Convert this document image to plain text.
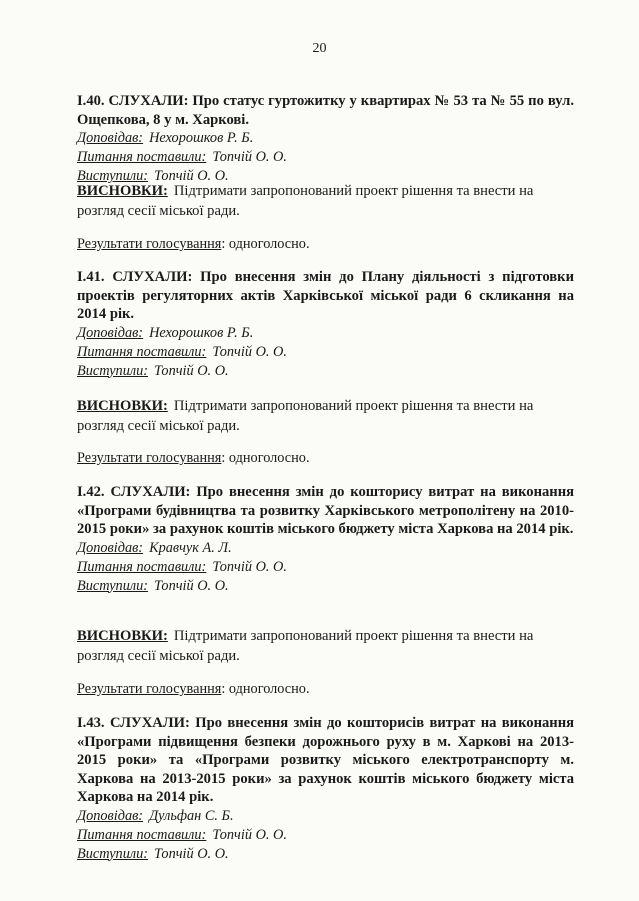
20

І.40. СЛУХАЛИ: Про статус гуртожитку у квартирах № 53 та № 55 по вул. Ощепкова, 8 у м. Харкові.

Доповідав: Нехорошков Р. Б.

Питання поставили: Топчій О. О.

Виступили: Топчій О. О.

ВИСНОВКИ: Підтримати запропонований проект рішення та внести на

розгляд сесії міської ради.

Результати голосування: одноголосно.

І.41. СЛУХАЛИ: Про внесення змін до Плану діяльності з підготовки проектів регуляторних актів Харківської міської ради 6 скликання на 2014 рік.

Доповідав: Нехорошков Р. Б.

Питання поставили: Топчій О. О.

Виступили: Топчій О. О.

ВИСНОВКИ: Підтримати запропонований проект рішення та внести на

розгляд сесії міської ради.

Результати голосування: одноголосно.

І.42. СЛУХАЛИ: Про внесення змін до кошторису витрат на виконання «Програми будівництва та розвитку Харківського метрополітену на 2010-2015 роки» за рахунок коштів міського бюджету міста Харкова на 2014 рік.

Доповідав: Кравчук А. Л.

Питання поставили: Топчій О. О.

Виступили: Топчій О. О.

ВИСНОВКИ: Підтримати запропонований проект рішення та внести на

розгляд сесії міської ради.

Результати голосування: одноголосно.

І.43. СЛУХАЛИ: Про внесення змін до кошторисів витрат на виконання «Програми підвищення безпеки дорожнього руху в м. Харкові на 2013-2015 роки» та «Програми розвитку міського електротранспорту м. Харкова на 2013-2015 роки» за рахунок коштів міського бюджету міста Харкова на 2014 рік.

Доповідав: Дульфан С. Б.

Питання поставили: Топчій О. О.

Виступили: Топчій О. О.
